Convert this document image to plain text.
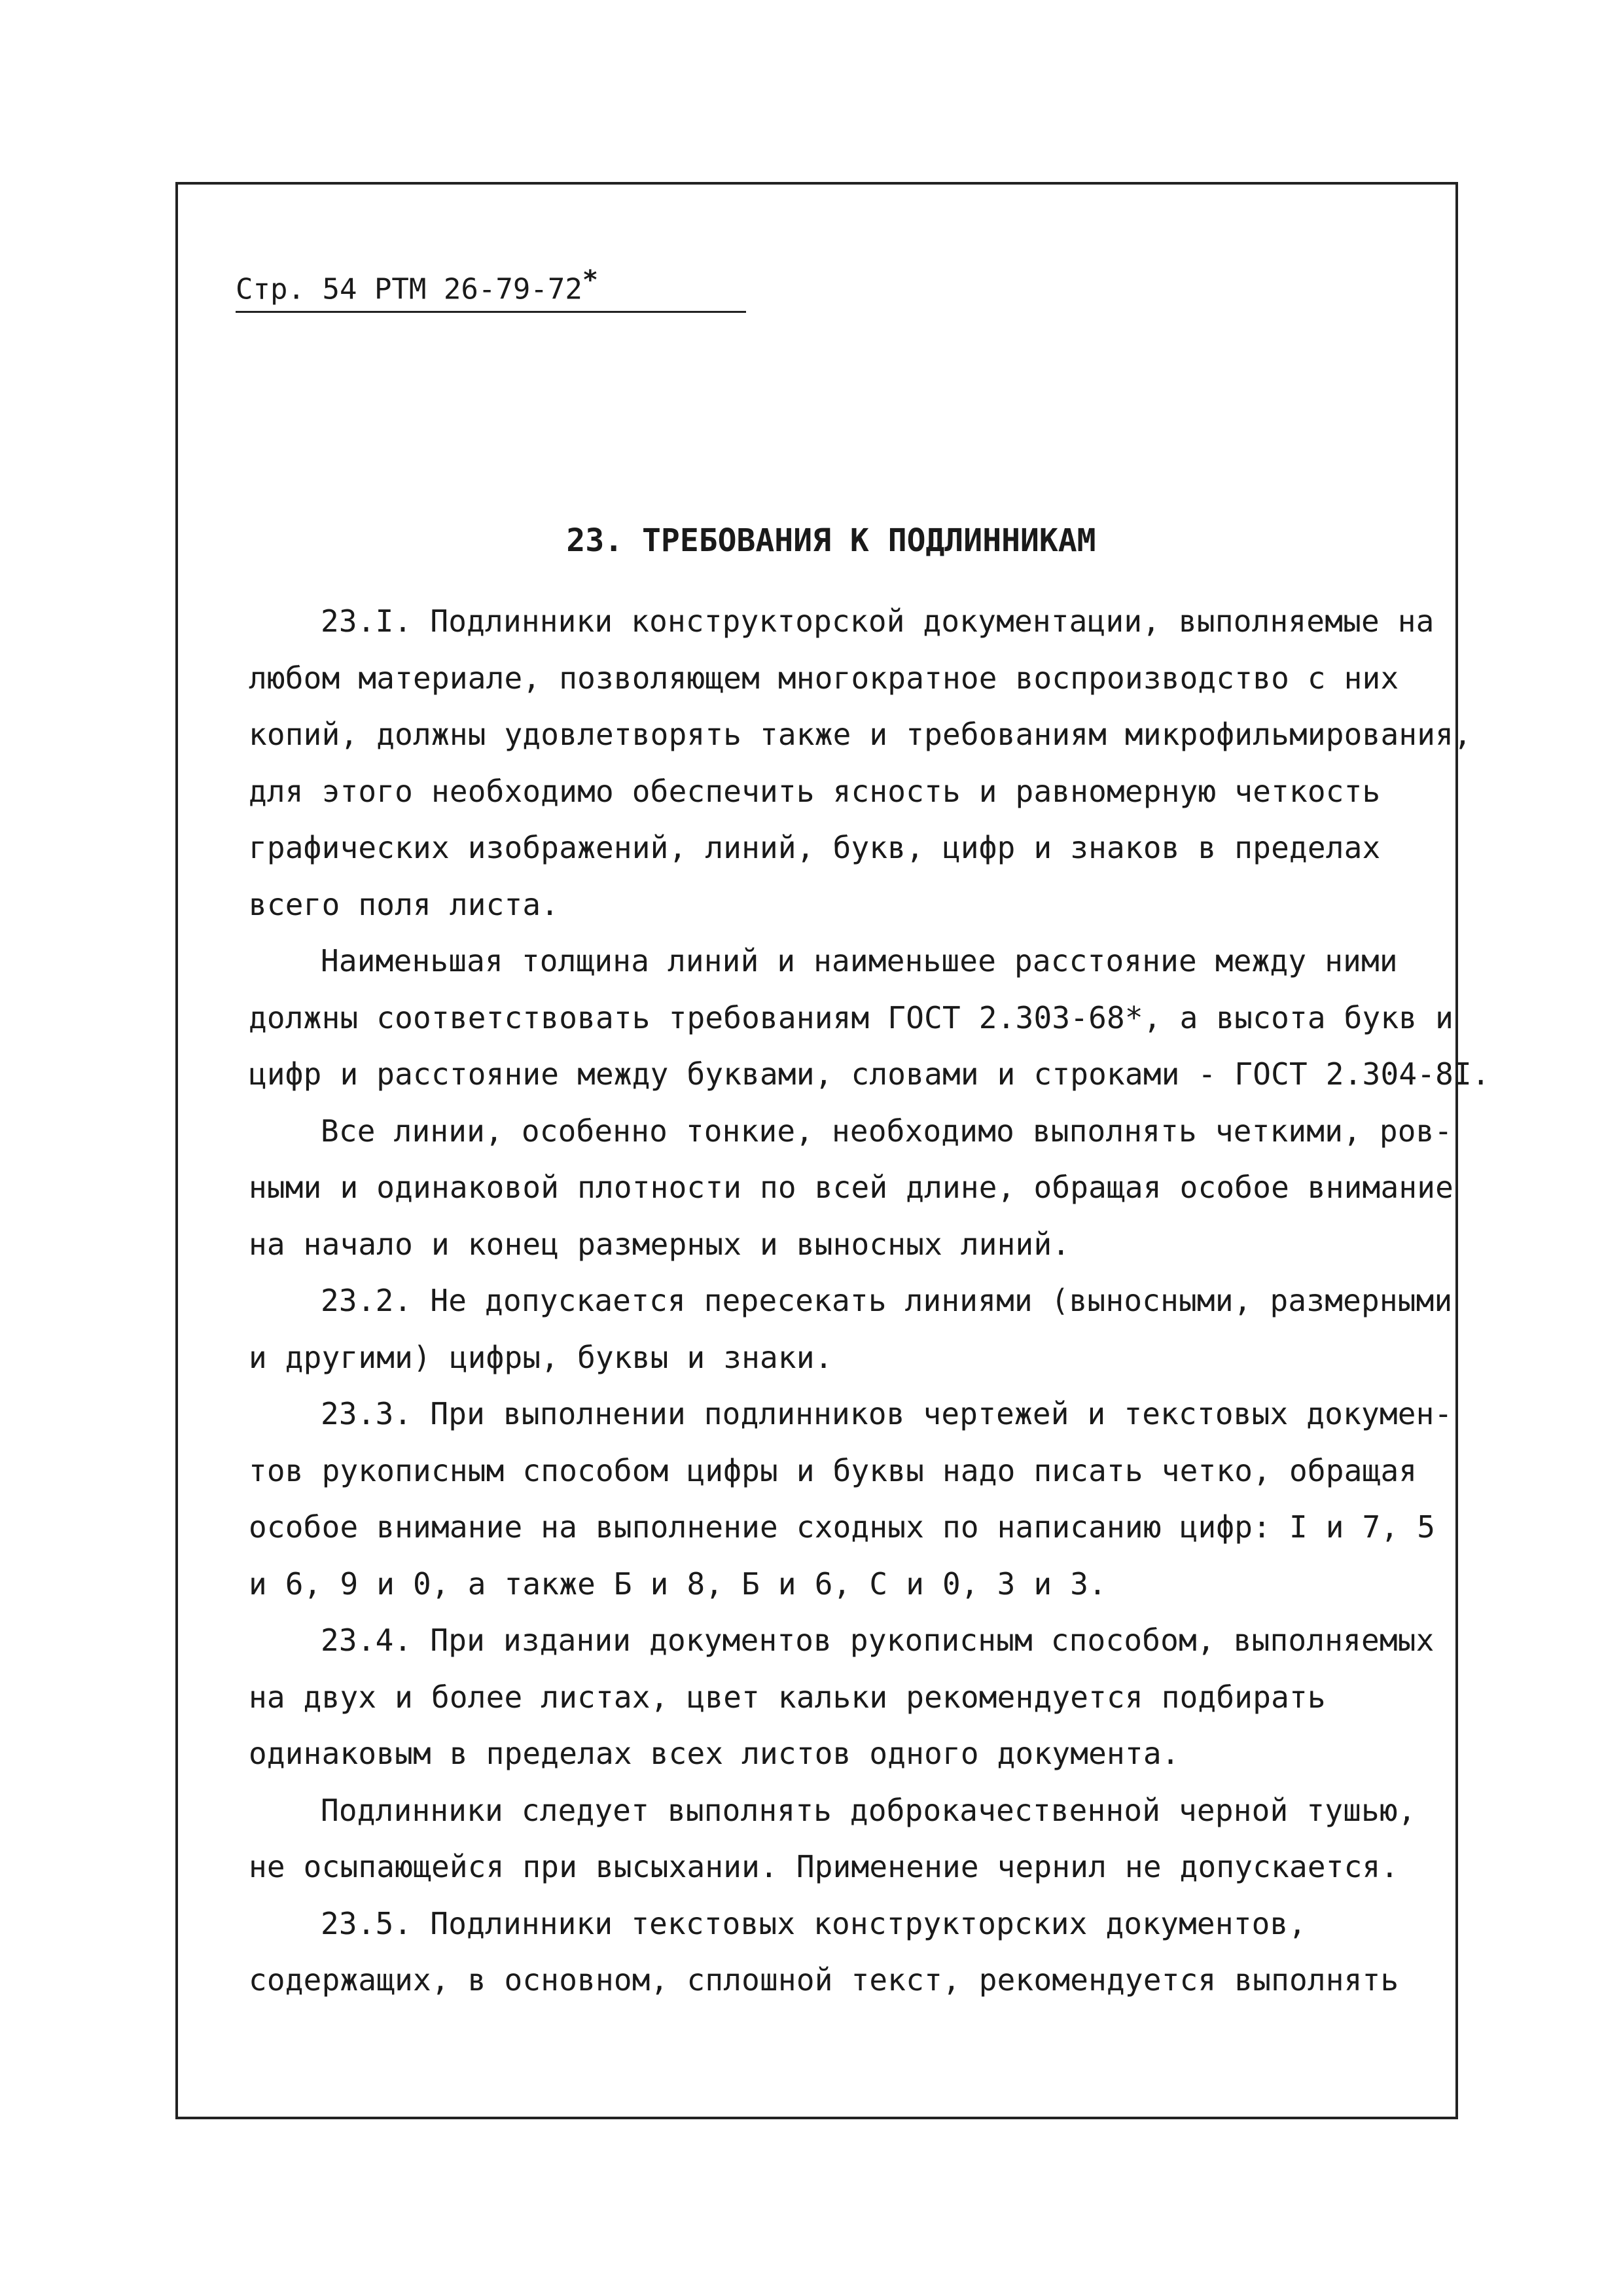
Стр. 54 РТМ 26-79-72*
23. ТРЕБОВАНИЯ К ПОДЛИННИКАМ
23.I. Подлинники конструкторской документации, выполняемые на
любом материале, позволяющем многократное воспроизводство с них
копий, должны удовлетворять также и требованиям микрофильмирования,
для этого необходимо обеспечить ясность и равномерную четкость
графических изображений, линий, букв, цифр и знаков в пределах
всего поля листа.
Наименьшая толщина линий и наименьшее расстояние между ними
должны соответствовать требованиям ГОСТ 2.303-68*, а высота букв и
цифр и расстояние между буквами, словами и строками - ГОСТ 2.304-8I.
Все линии, особенно тонкие, необходимо выполнять четкими, ров-
ными и одинаковой плотности по всей длине, обращая особое внимание
на начало и конец размерных и выносных линий.
23.2. Не допускается пересекать линиями (выносными, размерными
и другими) цифры, буквы и знаки.
23.3. При выполнении подлинников чертежей и текстовых докумен-
тов рукописным способом цифры и буквы надо писать четко, обращая
особое внимание на выполнение сходных по написанию цифр: I и 7, 5
и 6, 9 и 0, а также Б и 8, Б и 6, С и 0, З и 3.
23.4. При издании документов рукописным способом, выполняемых
на двух и более листах, цвет кальки рекомендуется подбирать
одинаковым в пределах всех листов одного документа.
Подлинники следует выполнять доброкачественной черной тушью,
не осыпающейся при высыхании. Применение чернил не допускается.
23.5. Подлинники текстовых конструкторских документов,
содержащих, в основном, сплошной текст, рекомендуется выполнять
